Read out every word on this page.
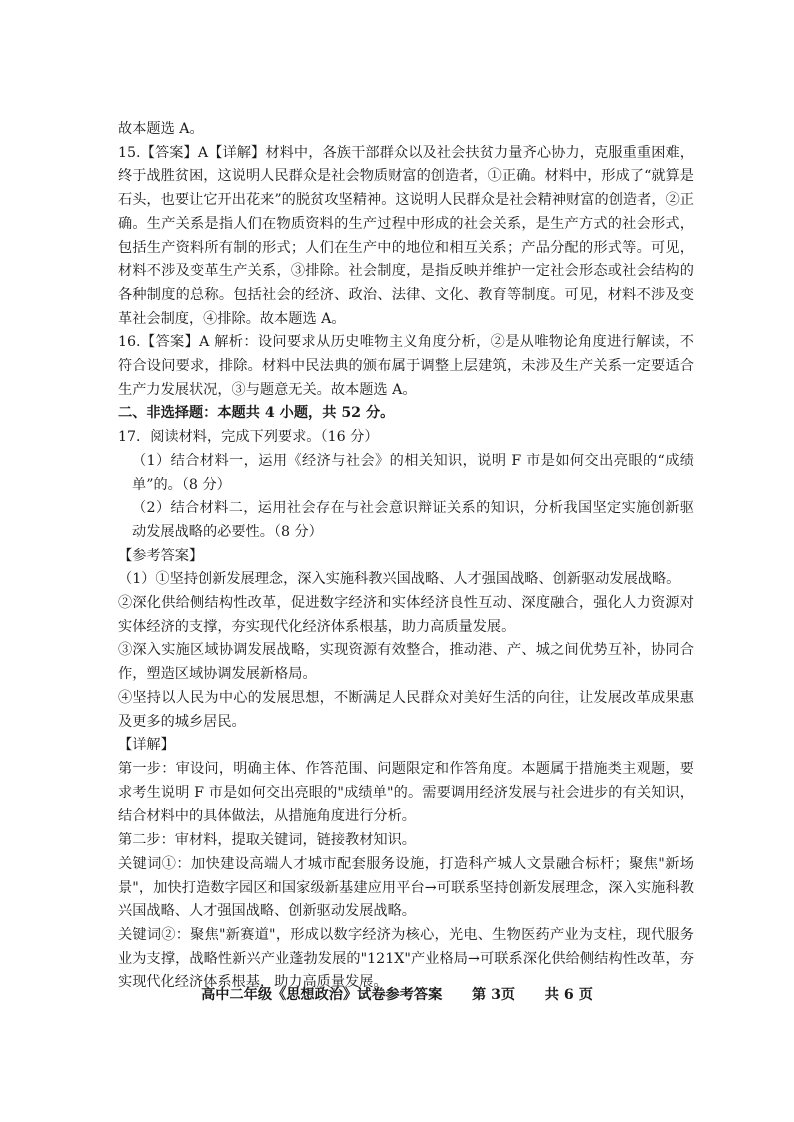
故本题选 A。

15.【答案】A【详解】材料中，各族干部群众以及社会扶贫力量齐心协力，克服重重困难，终于战胜贫困，这说明人民群众是社会物质财富的创造者，①正确。材料中，形成了“就算是石头，也要让它开出花来”的脱贫攻坚精神。这说明人民群众是社会精神财富的创造者，②正确。生产关系是指人们在物质资料的生产过程中形成的社会关系，是生产方式的社会形式，包括生产资料所有制的形式；人们在生产中的地位和相互关系；产品分配的形式等。可见，材料不涉及变革生产关系，③排除。社会制度，是指反映并维护一定社会形态或社会结构的各种制度的总称。包括社会的经济、政治、法律、文化、教育等制度。可见，材料不涉及变革社会制度，④排除。故本题选 A。

16.【答案】A 解析：设问要求从历史唯物主义角度分析，②是从唯物论角度进行解读，不符合设问要求，排除。材料中民法典的颁布属于调整上层建筑，未涉及生产关系一定要适合生产力发展状况，③与题意无关。故本题选 A。

二、非选择题：本题共 4 小题，共 52 分。

17．阅读材料，完成下列要求。（16 分）

（1）结合材料一，运用《经济与社会》的相关知识，说明 F 市是如何交出亮眼的“成绩单”的。（8 分）

（2）结合材料二，运用社会存在与社会意识辩证关系的知识，分析我国坚定实施创新驱动发展战略的必要性。（8 分）

【参考答案】

（1）①坚持创新发展理念，深入实施科教兴国战略、人才强国战略、创新驱动发展战略。

②深化供给侧结构性改革，促进数字经济和实体经济良性互动、深度融合，强化人力资源对实体经济的支撑，夯实现代化经济体系根基，助力高质量发展。

③深入实施区域协调发展战略，实现资源有效整合，推动港、产、城之间优势互补，协同合作，塑造区域协调发展新格局。

④坚持以人民为中心的发展思想，不断满足人民群众对美好生活的向往，让发展改革成果惠及更多的城乡居民。

【详解】

第一步：审设问，明确主体、作答范围、问题限定和作答角度。本题属于措施类主观题，要求考生说明 F 市是如何交出亮眼的"成绩单"的。需要调用经济发展与社会进步的有关知识，结合材料中的具体做法，从措施角度进行分析。

第二步：审材料，提取关键词，链接教材知识。

关键词①：加快建设高端人才城市配套服务设施，打造科产城人文景融合标杆；聚焦"新场景"，加快打造数字园区和国家级新基建应用平台→可联系坚持创新发展理念，深入实施科教兴国战略、人才强国战略、创新驱动发展战略。

关键词②：聚焦"新赛道"，形成以数字经济为核心，光电、生物医药产业为支柱，现代服务业为支撑，战略性新兴产业蓬勃发展的"121X"产业格局→可联系深化供给侧结构性改革，夯实现代化经济体系根基，助力高质量发展。

高中二年级《思想政治》试卷参考答案 第 3页 共 6 页
